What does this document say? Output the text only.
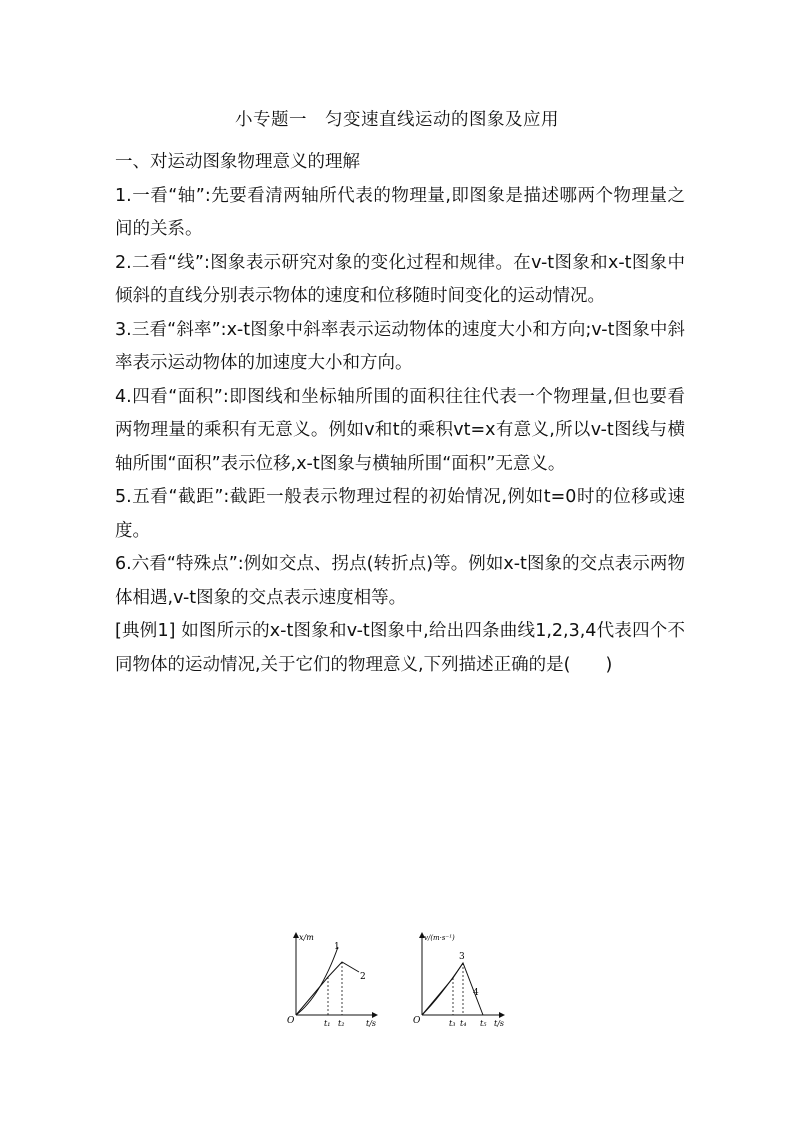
小专题一　匀变速直线运动的图象及应用

一、对运动图象物理意义的理解

1.一看“轴”:先要看清两轴所代表的物理量,即图象是描述哪两个物理量之间的关系。

2.二看“线”:图象表示研究对象的变化过程和规律。在v-t图象和x-t图象中倾斜的直线分别表示物体的速度和位移随时间变化的运动情况。

3.三看“斜率”:x-t图象中斜率表示运动物体的速度大小和方向;v-t图象中斜率表示运动物体的加速度大小和方向。

4.四看“面积”:即图线和坐标轴所围的面积往往代表一个物理量,但也要看两物理量的乘积有无意义。例如v和t的乘积vt=x有意义,所以v-t图线与横轴所围“面积”表示位移,x-t图象与横轴所围“面积”无意义。

5.五看“截距”:截距一般表示物理过程的初始情况,例如t=0时的位移或速度。

6.六看“特殊点”:例如交点、拐点(转折点)等。例如x-t图象的交点表示两物体相遇,v-t图象的交点表示速度相等。

[典例1] 如图所示的x-t图象和v-t图象中,给出四条曲线1,2,3,4代表四个不同物体的运动情况,关于它们的物理意义,下列描述正确的是(　　)

x/m
t/s
O
1
2
t₁ t₂
v/(m·s⁻¹)
t/s
O
3
4
t₃ t₄ t₅
